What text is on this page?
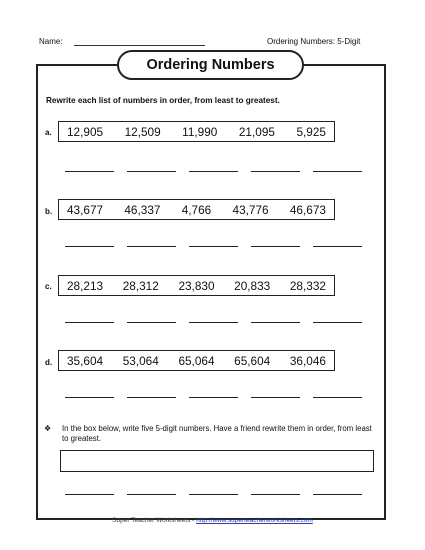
Name:	Ordering Numbers: 5-Digit
Ordering Numbers
Rewrite each list of numbers in order, from least to greatest.
a. 12,905 12,509 11,990 21,095 5,925
b. 43,677 46,337 4,766 43,776 46,673
c. 28,213 28,312 23,830 20,833 28,332
d. 35,604 53,064 65,064 65,604 36,046
❖ In the box below, write five 5-digit numbers. Have a friend rewrite them in order, from least to greatest.
Super Teacher Worksheets - http://www.superteacherworksheets.com
